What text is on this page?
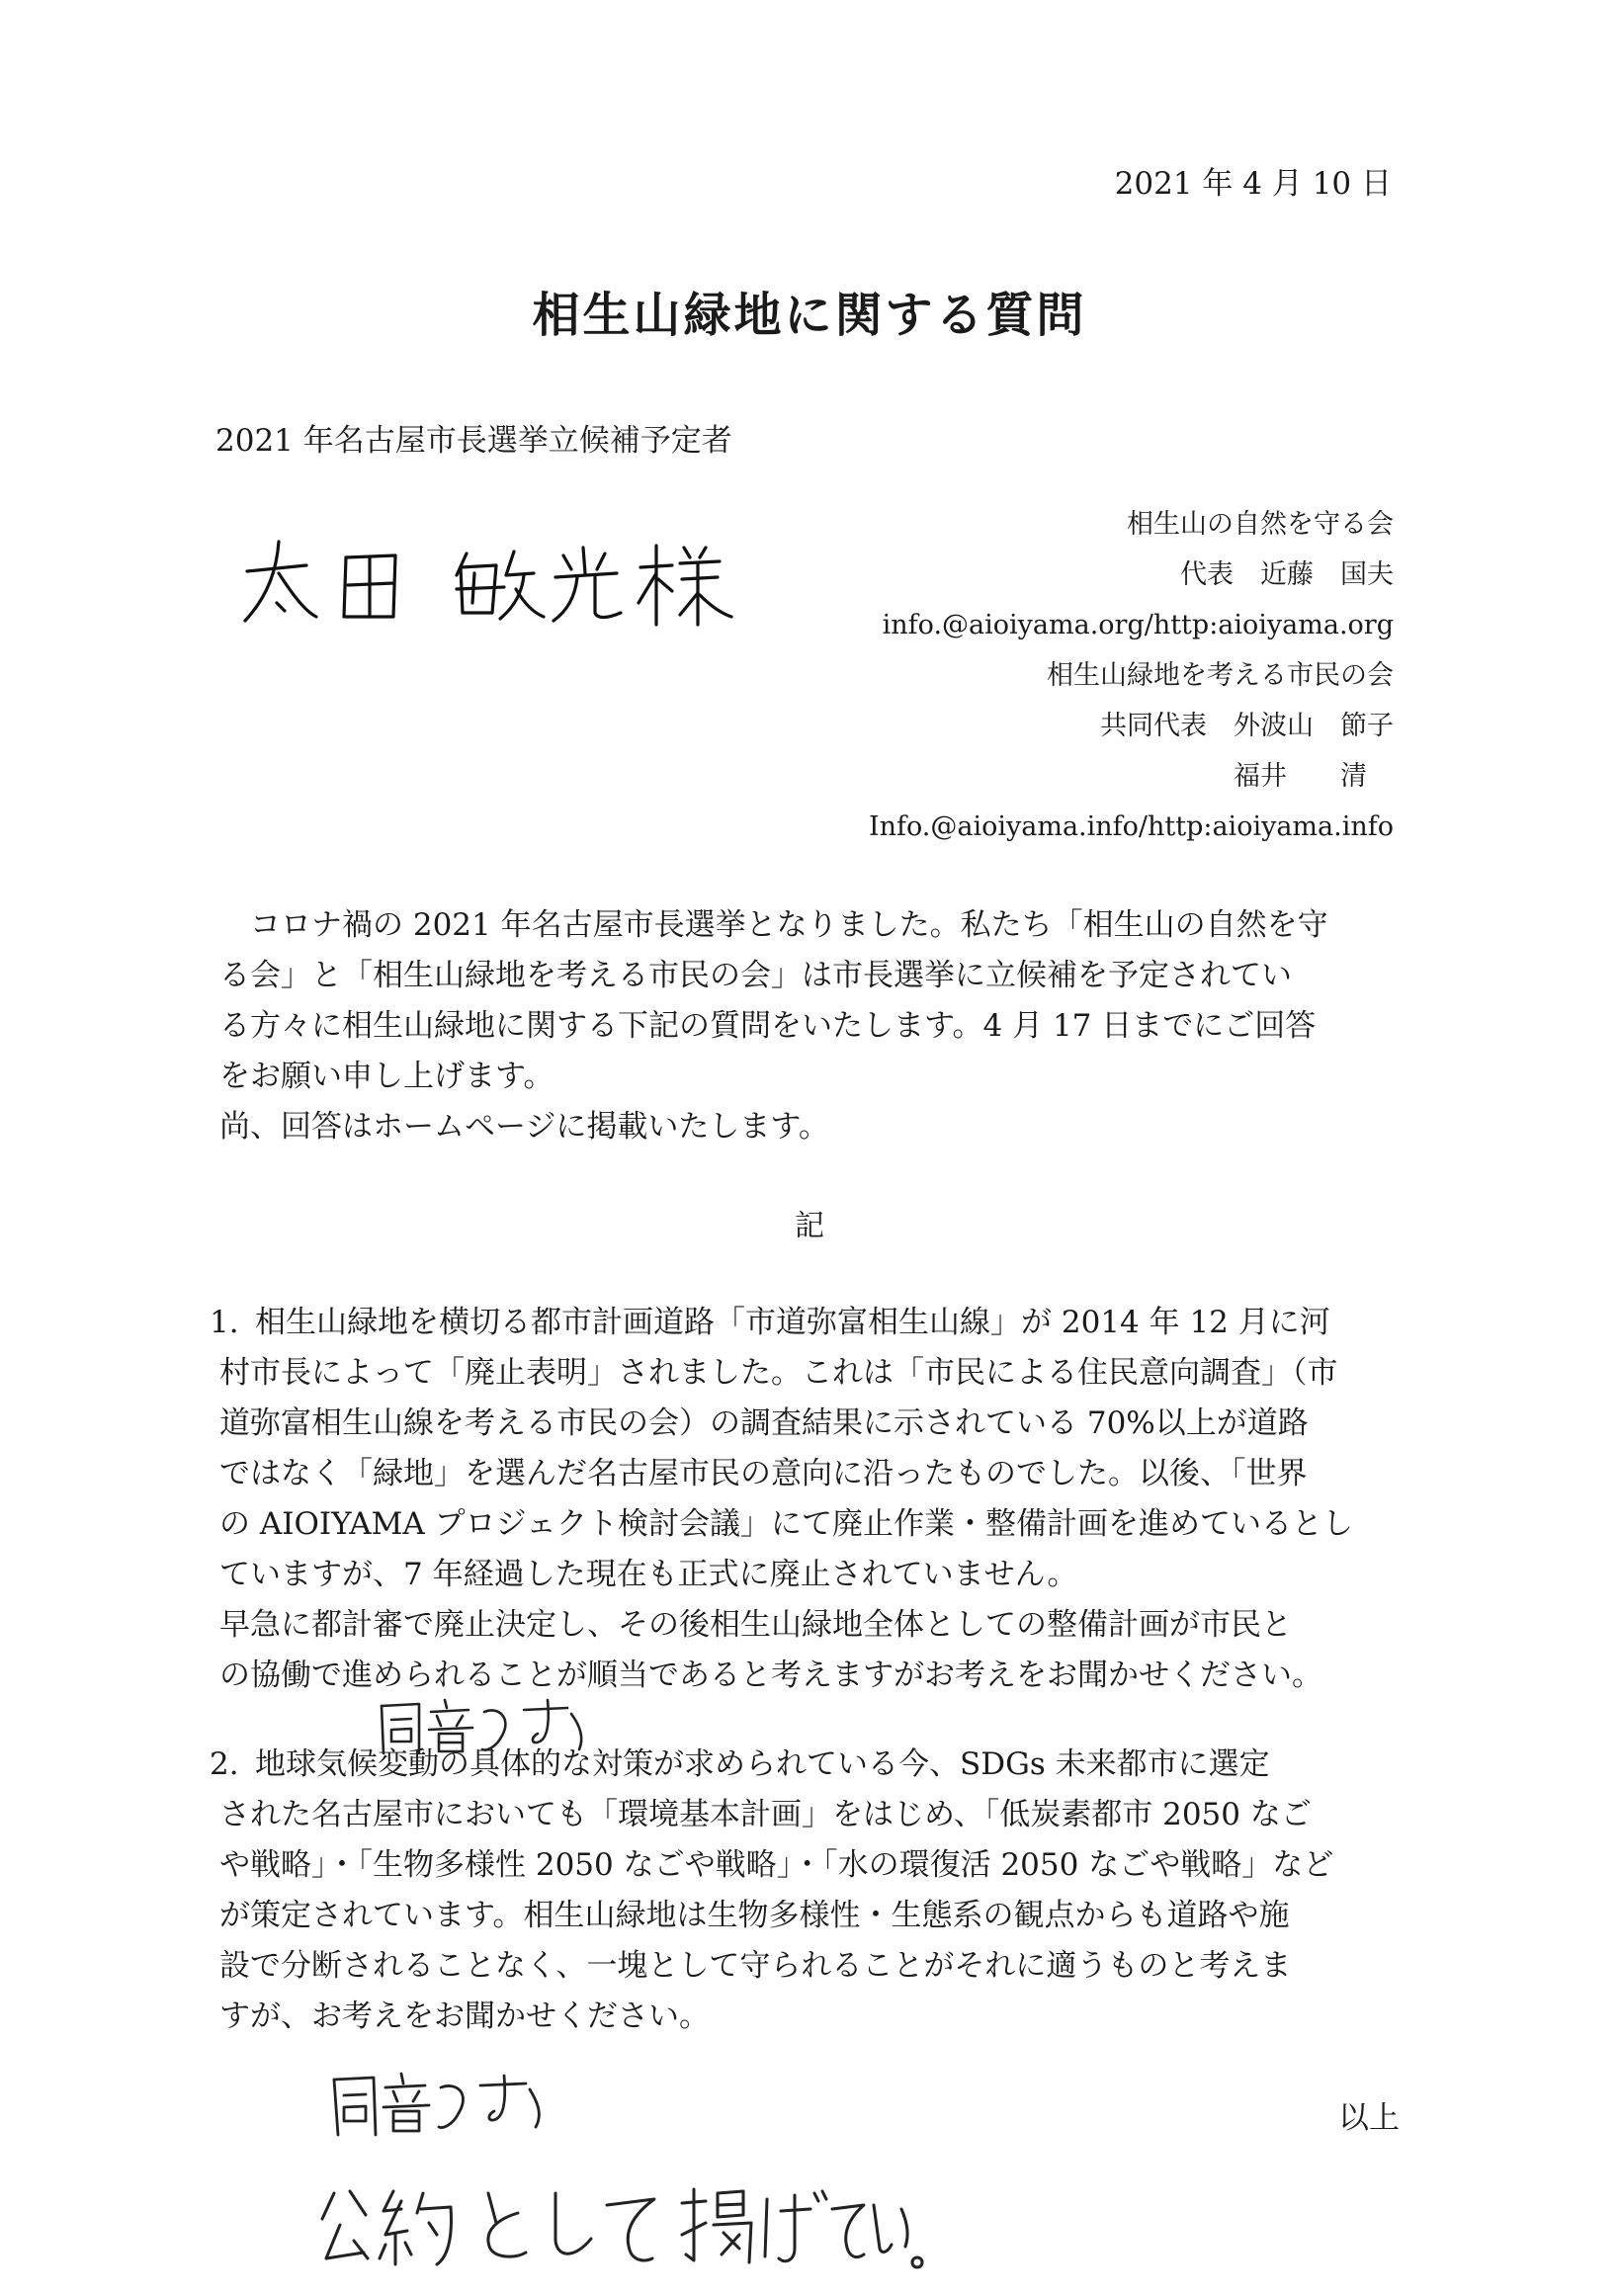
2021 年 4 月 10 日
相生山緑地に関する質問
2021 年名古屋市長選挙立候補予定者
相生山の自然を守る会
代表　近藤　国夫
info.@aioiyama.org/http:aioiyama.org
相生山緑地を考える市民の会
共同代表　外波山　節子
福井　　清　
Info.@aioiyama.info/http:aioiyama.info

　コロナ禍の 2021 年名古屋市長選挙となりました。私たち「相生山の自然を守

る会」と「相生山緑地を考える市民の会」は市長選挙に立候補を予定されてい

る方々に相生山緑地に関する下記の質問をいたします。4 月 17 日までにご回答

をお願い申し上げます。

尚、回答はホームページに掲載いたします。

記
1. 相生山緑地を横切る都市計画道路「市道弥富相生山線」が 2014 年 12 月に河
村市長によって「廃止表明」されました。これは「市民による住民意向調査」（市
道弥富相生山線を考える市民の会）の調査結果に示されている 70%以上が道路
ではなく「緑地」を選んだ名古屋市民の意向に沿ったものでした。以後、「世界
の AIOIYAMA プロジェクト検討会議」にて廃止作業・整備計画を進めているとし
ていますが、7 年経過した現在も正式に廃止されていません。
早急に都計審で廃止決定し、その後相生山緑地全体としての整備計画が市民と
の協働で進められることが順当であると考えますがお考えをお聞かせください。
2. 地球気候変動の具体的な対策が求められている今、SDGs 未来都市に選定
された名古屋市においても「環境基本計画」をはじめ、「低炭素都市 2050 なご
や戦略」・「生物多様性 2050 なごや戦略」・「水の環復活 2050 なごや戦略」など
が策定されています。相生山緑地は生物多様性・生態系の観点からも道路や施
設で分断されることなく、一塊として守られることがそれに適うものと考えま
すが、お考えをお聞かせください。
以上
